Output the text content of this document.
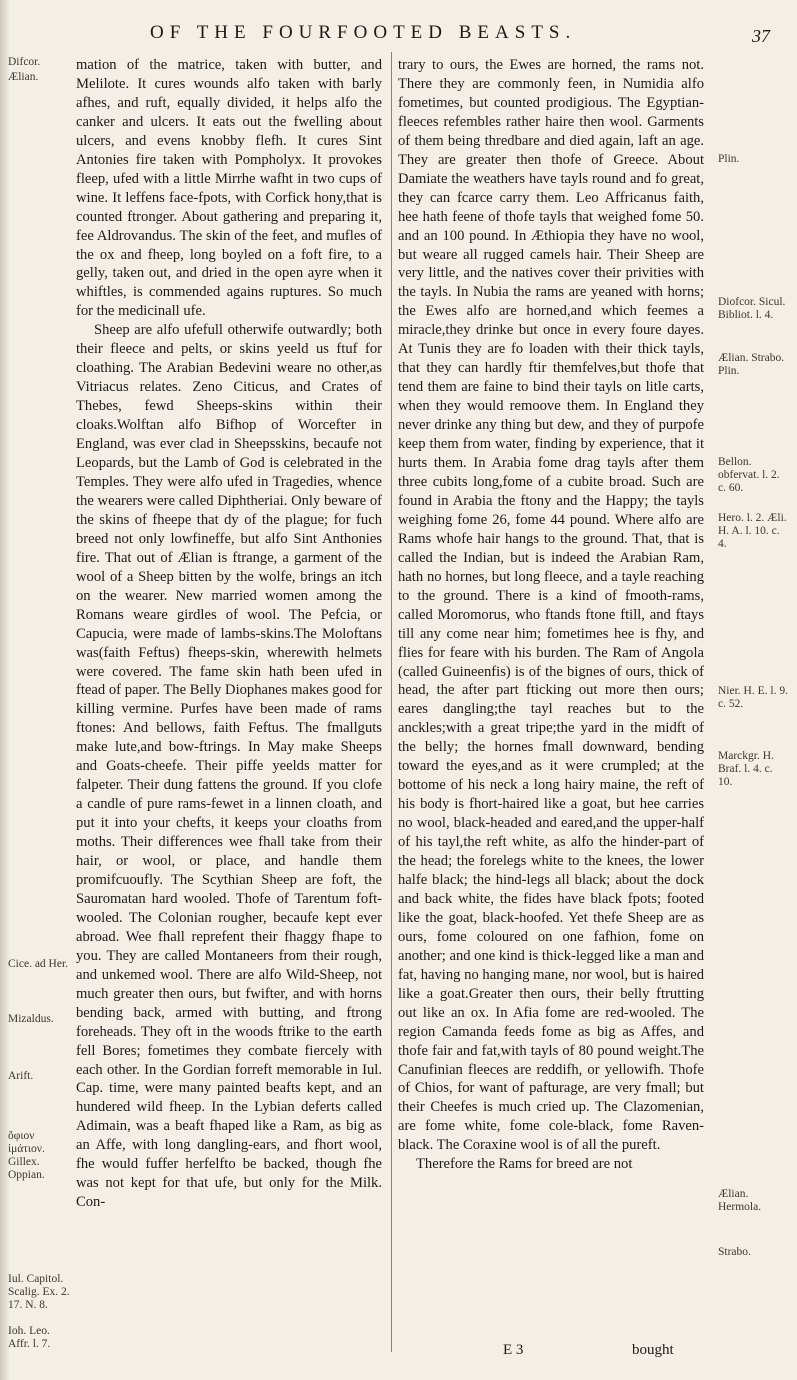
OF THE FOURFOOTED BEASTS.	37

mation of the matrice, taken with butter, and Melilote. It cures wounds alfo taken with barly afhes, and ruft, equally divided, it helps alfo the canker and ulcers. It eats out the fwelling about ulcers, and evens knobby flefh. It cures Sint Antonies fire taken with Pompholyx. It provokes fleep, ufed with a little Mirrhe wafht in two cups of wine. It leffens face-fpots, with Corfick hony,that is counted ftronger. About gathering and preparing it, fee Aldrovandus. The skin of the feet, and mufles of the ox and fheep, long boyled on a foft fire, to a gelly, taken out, and dried in the open ayre when it whiftles, is commended agains ruptures. So much for the medicinall ufe.

Sheep are alfo ufefull otherwife outwardly; both their fleece and pelts, or skins yeeld us ftuf for cloathing. The Arabian Bedevini weare no other,as Vitriacus relates. Zeno Citicus, and Crates of Thebes, fewd Sheeps-skins within their cloaks.Wolftan alfo Bifhop of Worcefter in England, was ever clad in Sheepsskins, becaufe not Leopards, but the Lamb of God is celebrated in the Temples. They were alfo ufed in Tragedies, whence the wearers were called Diphtheriai. Only beware of the skins of fheepe that dy of the plague; for fuch breed not only lowfineffe, but alfo Sint Anthonies fire. That out of Ælian is ftrange, a garment of the wool of a Sheep bitten by the wolfe, brings an itch on the wearer. New married women among the Romans weare girdles of wool. The Pefcia, or Capucia, were made of lambs-skins.The Moloftans was(faith Feftus) fheeps-skin, wherewith helmets were covered. The fame skin hath been ufed in ftead of paper. The Belly Diophanes makes good for killing vermine. Purfes have been made of rams ftones: And bellows, faith Feftus. The fmallguts make lute,and bow-ftrings. In May make Sheeps and Goats-cheefe. Their piffe yeelds matter for falpeter. Their dung fattens the ground. If you clofe a candle of pure rams-fewet in a linnen cloath, and put it into your chefts, it keeps your cloaths from moths. Their differences wee fhall take from their hair, or wool, or place, and handle them promifcuoufly. The Scythian Sheep are foft, the Sauromatan hard wooled. Thofe of Tarentum foft-wooled. The Colonian rougher, becaufe kept ever abroad. Wee fhall reprefent their fhaggy fhape to you. They are called Montaneers from their rough, and unkemed wool. There are alfo Wild-Sheep, not much greater then ours, but fwifter, and with horns bending back, armed with butting, and ftrong foreheads. They oft in the woods ftrike to the earth fell Bores; fometimes they combate fiercely with each other. In the Gordian forreft memorable in Iul. Cap. time, were many painted beafts kept, and an hundered wild fheep. In the Lybian deferts called Adimain, was a beaft fhaped like a Ram, as big as an Affe, with long dangling-ears, and fhort wool, fhe would fuffer herfelfto be backed, though fhe was not kept for that ufe, but only for the Milk. Con-

trary to ours, the Ewes are horned, the rams not. There they are commonly feen, in Numidia alfo fometimes, but counted prodigious. The Egyptian-fleeces refembles rather haire then wool. Garments of them being thredbare and died again, laft an age. They are greater then thofe of Greece. About Damiate the weathers have tayls round and fo great, they can fcarce carry them. Leo Affricanus faith, hee hath feene of thofe tayls that weighed fome 50. and an 100 pound. In Æthiopia they have no wool, but weare all rugged camels hair. Their Sheep are very little, and the natives cover their privities with the tayls. In Nubia the rams are yeaned with horns; the Ewes alfo are horned,and which feemes a miracle,they drinke but once in every foure dayes. At Tunis they are fo loaden with their thick tayls, that they can hardly ftir themfelves,but thofe that tend them are faine to bind their tayls on litle carts, when they would remoove them. In England they never drinke any thing but dew, and they of purpofe keep them from water, finding by experience, that it hurts them. In Arabia fome drag tayls after them three cubits long,fome of a cubite broad. Such are found in Arabia the ftony and the Happy; the tayls weighing fome 26, fome 44 pound. Where alfo are Rams whofe hair hangs to the ground. That, that is called the Indian, but is indeed the Arabian Ram, hath no hornes, but long fleece, and a tayle reaching to the ground. There is a kind of fmooth-rams, called Moromorus, who ftands ftone ftill, and ftays till any come near him; fometimes hee is fhy, and flies for feare with his burden. The Ram of Angola (called Guineenfis) is of the bignes of ours, thick of head, the after part fticking out more then ours; eares dangling;the tayl reaches but to the anckles;with a great tripe;the yard in the midft of the belly; the hornes fmall downward, bending toward the eyes,and as it were crumpled; at the bottome of his neck a long hairy maine, the reft of his body is fhort-haired like a goat, but hee carries no wool, black-headed and eared,and the upper-half of his tayl,the reft white, as alfo the hinder-part of the head; the forelegs white to the knees, the lower halfe black; the hind-legs all black; about the dock and back white, the fides have black fpots; footed like the goat, black-hoofed. Yet thefe Sheep are as ours, fome coloured on one fafhion, fome on another; and one kind is thick-legged like a man and fat, having no hanging mane, nor wool, but is haired like a goat.Greater then ours, their belly ftrutting out like an ox. In Afia fome are red-wooled. The region Camanda feeds fome as big as Affes, and thofe fair and fat,with tayls of 80 pound weight.The Canufinian fleeces are reddifh, or yellowifh. Thofe of Chios, for want of pafturage, are very fmall; but their Cheefes is much cried up. The Clazomenian, are fome white, fome cole-black, fome Raven-black. The Coraxine wool is of all the pureft.

Therefore the Rams for breed are not

Difcor.
Ælian.
Cice. ad Her.
Mizaldus.
Arift.
ὄφιον ἱμάτιον. Gillex. Oppian.
Iul. Capitol. Scalig. Ex. 2. 17. N. 8.
Ioh. Leo. Affr. l. 7.
Plin.
Diofcor. Sicul. Bibliot. l. 4.
Ælian. Strabo. Plin.
Bellon. obfervat. l. 2. c. 60.
Hero. l. 2. Æli. H. A. l. 10. c. 4.
Nier. H. E. l. 9. c. 52.
Marckgr. H. Braf. l. 4. c. 10.
Ælian. Hermola.
Strabo.
E 3	bought
